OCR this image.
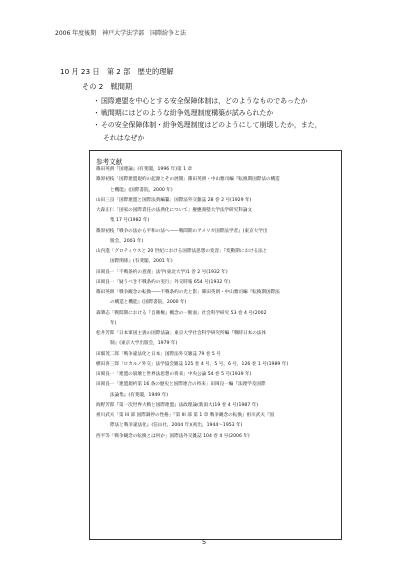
2006 年度後期　神戸大学法学部　国際紛争と法
10 月 23 日 第 2 部 歴史的理解
その 2 戦間期
・ 国際連盟を中心とする安全保障体制は，どのようなものであったか
・ 戦間期にはどのような紛争処理制度構築が試みられたか
・ その安全保障体制・紛争処理制度はどのようにして崩壊したか，また，
それはなぜか
参考文献
篠田英朗『国連論』(有斐閣，1996 年)第 1 章
篠原初枝「国際連盟規約の起源とその展開」篠田英朗・中山雅司編『転換期国際法の構造
と機能』(国際書院，2000 年)
山田三良「国際連盟と国際法典編纂」国際法外交雑誌 28 巻 2 号(1929 年)
大森正仁「国家の国際責任の法典化について」慶應義塾大学法学研究科論文
集 17 号(1982 年)
篠原初枝『戦争の法から平和の法へ――戦間期のアメリカ国際法学者』(東京大学出
版会，2003 年)
山内進「グロティウスと 20 世紀における国際法思想の変容」『変動期における法と
国際関係』(有斐閣，2001 年)
田岡良一「不戦条約の意義」法学(東北大学)1 巻 2 号(1932 年)
田岡良一「疑うべき不戦条約の実行」外交時報 654 号(1932 年)
篠田英朗「戦争観念の転換――不戦条約の光と影」篠田英朗・中山雅司編『転換期国際法
の構造と機能』(国際書院，2000 年)
森肇志「戦間期における『自衛権』概念の一断面」社会科学研究 53 巻 4 号(2002
年)
松井芳郎「日本軍国主義の国際法論」東京大学社会科学研究所編『戦時日本の法体
制』(東京大学出版会，1979 年)
田畑茂二郎「戦争違法化と日本」国際法外交雑誌 79 巻 5 号
横田喜三郎「ロカルノ外交」法学協会雑誌 125 巻 4 号，5 号，6 号，126 巻 1 号(1989 年)
田岡良一「連盟の崩壊と世界法思想の将来」中央公論 54 巻 5 号(1939 年)
田岡良一「連盟規約第 16 条の歴史と国際連合の将来」田岡良一編『法理学及国際
法論集』(有斐閣，1949 年)
海野芳郎『第一次世界大戦と国際連盟』法政理論(新潟大)19 巻 4 号(1987 年)
祖川武夫「第 III 部 国際調停の性格」『第 III 部 第 1 章 戦争観念の転換』祖川武夫『国
際法と戦争違法化』(信山社，2004 年)(初出，1944〜1953 年)
西平等「戦争観念の転換とは何か」国際法外交雑誌 104 巻 4 号(2006 年)
5
